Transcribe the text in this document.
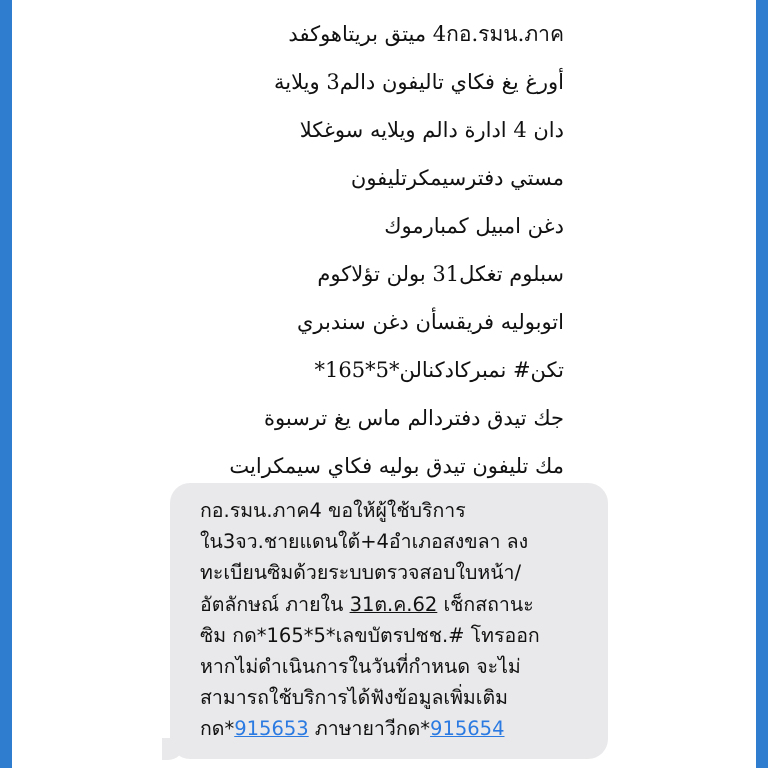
4กอ.รมน.ภาค ميتق بريتاهوكفد
أورغ يغ فكاي تاليفون دالم3 ويلاية
دان 4 ادارة دالم ويلايه سوغكلا
مستي دفترسيمكرتليفون
دغن امبيل كمبارموك
سبلوم تغكل31 بولن تؤلاكوم
اتوبوليه فريقسأن دغن سندبري
تكن# نمبركادكنالن*5*165*
جك تيدق دفتردالم ماس يغ ترسبوة
مك تليفون تيدق بوليه فكاي سيمكرايت
กอ.รมน.ภาค4 ขอให้ผู้ใช้บริการ
ใน3จว.ชายแดนใต้+4อำเภอสงขลา ลง
ทะเบียนซิมด้วยระบบตรวจสอบใบหน้า/
อัตลักษณ์ ภายใน 31ต.ค.62 เช็กสถานะ
ซิม กด*165*5*เลขบัตรปชช.# โทรออก
หากไม่ดำเนินการในวันที่กำหนด จะไม่
สามารถใช้บริการได้ฟังข้อมูลเพิ่มเติม
กด*915653 ภาษายาวีกด*915654
